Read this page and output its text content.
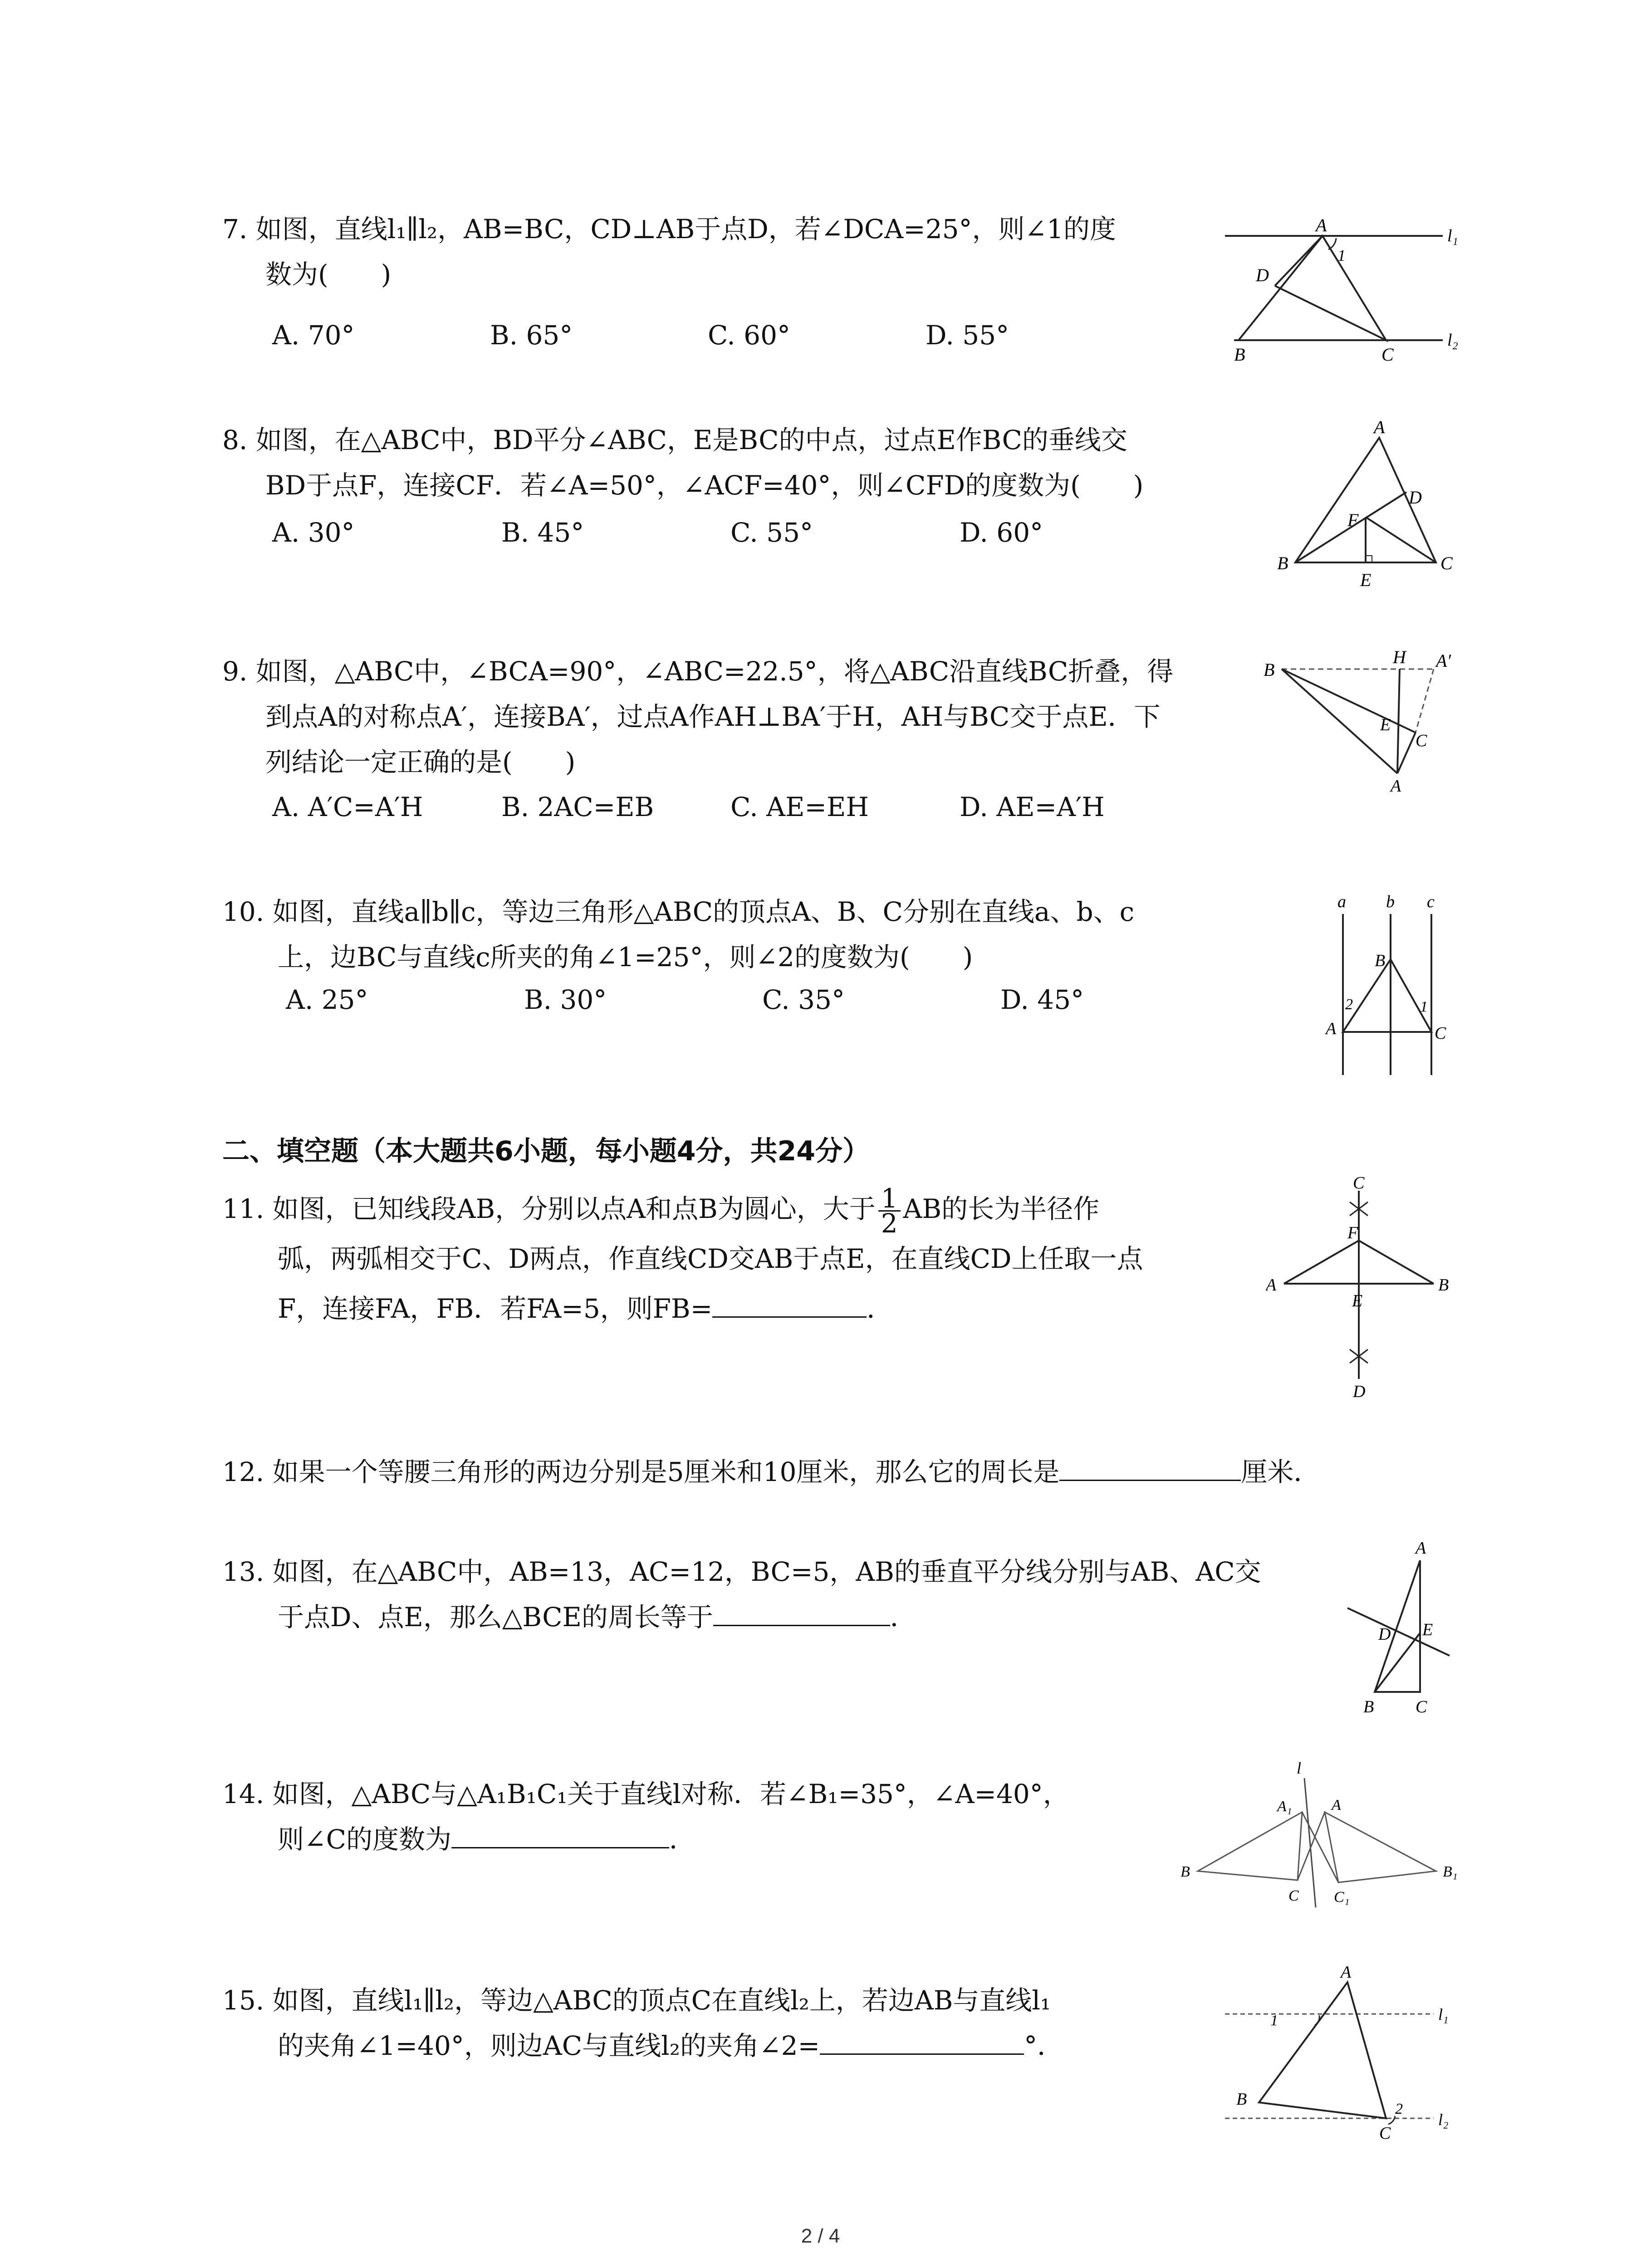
7. 如图，直线l₁∥l₂，AB=BC，CD⊥AB于点D，若∠DCA=25°，则∠1的度
数为(　　)
A. 70°	B. 65°	C. 60°	D. 55°
A
1
D
B	C
l₁
l₂
8. 如图，在△ABC中，BD平分∠ABC，E是BC的中点，过点E作BC的垂线交
BD于点F，连接CF．若∠A=50°，∠ACF=40°，则∠CFD的度数为(　　)
A. 30°	B. 45°	C. 55°	D. 60°
A
D
F
B	C
E
9. 如图，△ABC中，∠BCA=90°，∠ABC=22.5°，将△ABC沿直线BC折叠，得
到点A的对称点A′，连接BA′，过点A作AH⊥BA′于H，AH与BC交于点E．下
列结论一定正确的是(　　)
A. A′C=A′H	B. 2AC=EB	C. AE=EH	D. AE=A′H
B
H A′
E
C
A
10. 如图，直线a∥b∥c，等边三角形△ABC的顶点A、B、C分别在直线a、b、c
上，边BC与直线c所夹的角∠1=25°，则∠2的度数为(　　)
A. 25°	B. 30°	C. 35°	D. 45°
a b c
B
2	1
A	C
二、填空题（本大题共6小题，每小题4分，共24分）
11. 如图，已知线段AB，分别以点A和点B为圆心，大于 $\frac{1}{2}$ AB的长为半径作
弧，两弧相交于C、D两点，作直线CD交AB于点E，在直线CD上任取一点
F，连接FA，FB．若FA=5，则FB=	．
C
F
A	B
E
D
12. 如果一个等腰三角形的两边分别是5厘米和10厘米，那么它的周长是	厘米．
13. 如图，在△ABC中，AB=13，AC=12，BC=5，AB的垂直平分线分别与AB、AC交
于点D、点E，那么△BCE的周长等于	．
A
D E
B C
14. 如图，△ABC与△A₁B₁C₁关于直线l对称．若∠B₁=35°，∠A=40°，
则∠C的度数为	．
l
A₁	A
B	B₁
C C₁
15. 如图，直线l₁∥l₂，等边△ABC的顶点C在直线l₂上，若边AB与直线l₁
的夹角∠1=40°，则边AC与直线l₂的夹角∠2=	°．
A
1	l₁
B
2
l₂
C
2 / 4
